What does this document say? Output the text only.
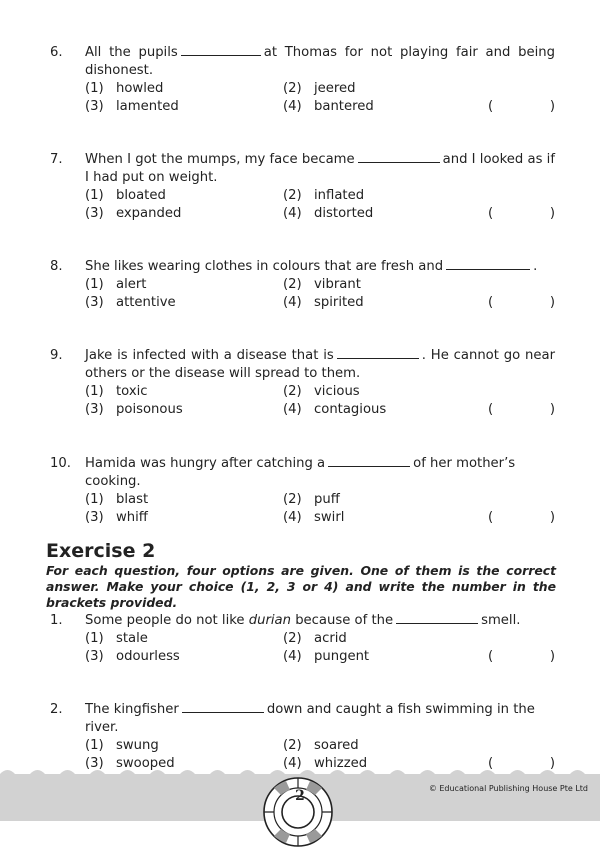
6.	All the pupils	at Thomas for not playing fair and being dishonest.
(1) howled	(2) jeered
(3) lamented	(4) bantered	(	)
7.	When I got the mumps, my face became	and I looked as if I had put on weight.
(1) bloated	(2) inflated
(3) expanded	(4) distorted	(	)
8.	She likes wearing clothes in colours that are fresh and	.
(1) alert	(2) vibrant
(3) attentive	(4) spirited	(	)
9.	Jake is infected with a disease that is	. He cannot go near others or the disease will spread to them.
(1) toxic	(2) vicious
(3) poisonous	(4) contagious	(	)
10.	Hamida was hungry after catching a	of her mother’s cooking.
(1) blast	(2) puff
(3) whiff	(4) swirl	(	)
Exercise 2
For each question, four options are given. One of them is the correct answer. Make your choice (1, 2, 3 or 4) and write the number in the brackets provided.
1.	Some people do not like durian because of the	smell.
(1) stale	(2) acrid
(3) odourless	(4) pungent	(	)
2.	The kingfisher	down and caught a fish swimming in the river.
(1) swung	(2) soared
(3) swooped	(4) whizzed	(	)
2	© Educational Publishing House Pte Ltd
